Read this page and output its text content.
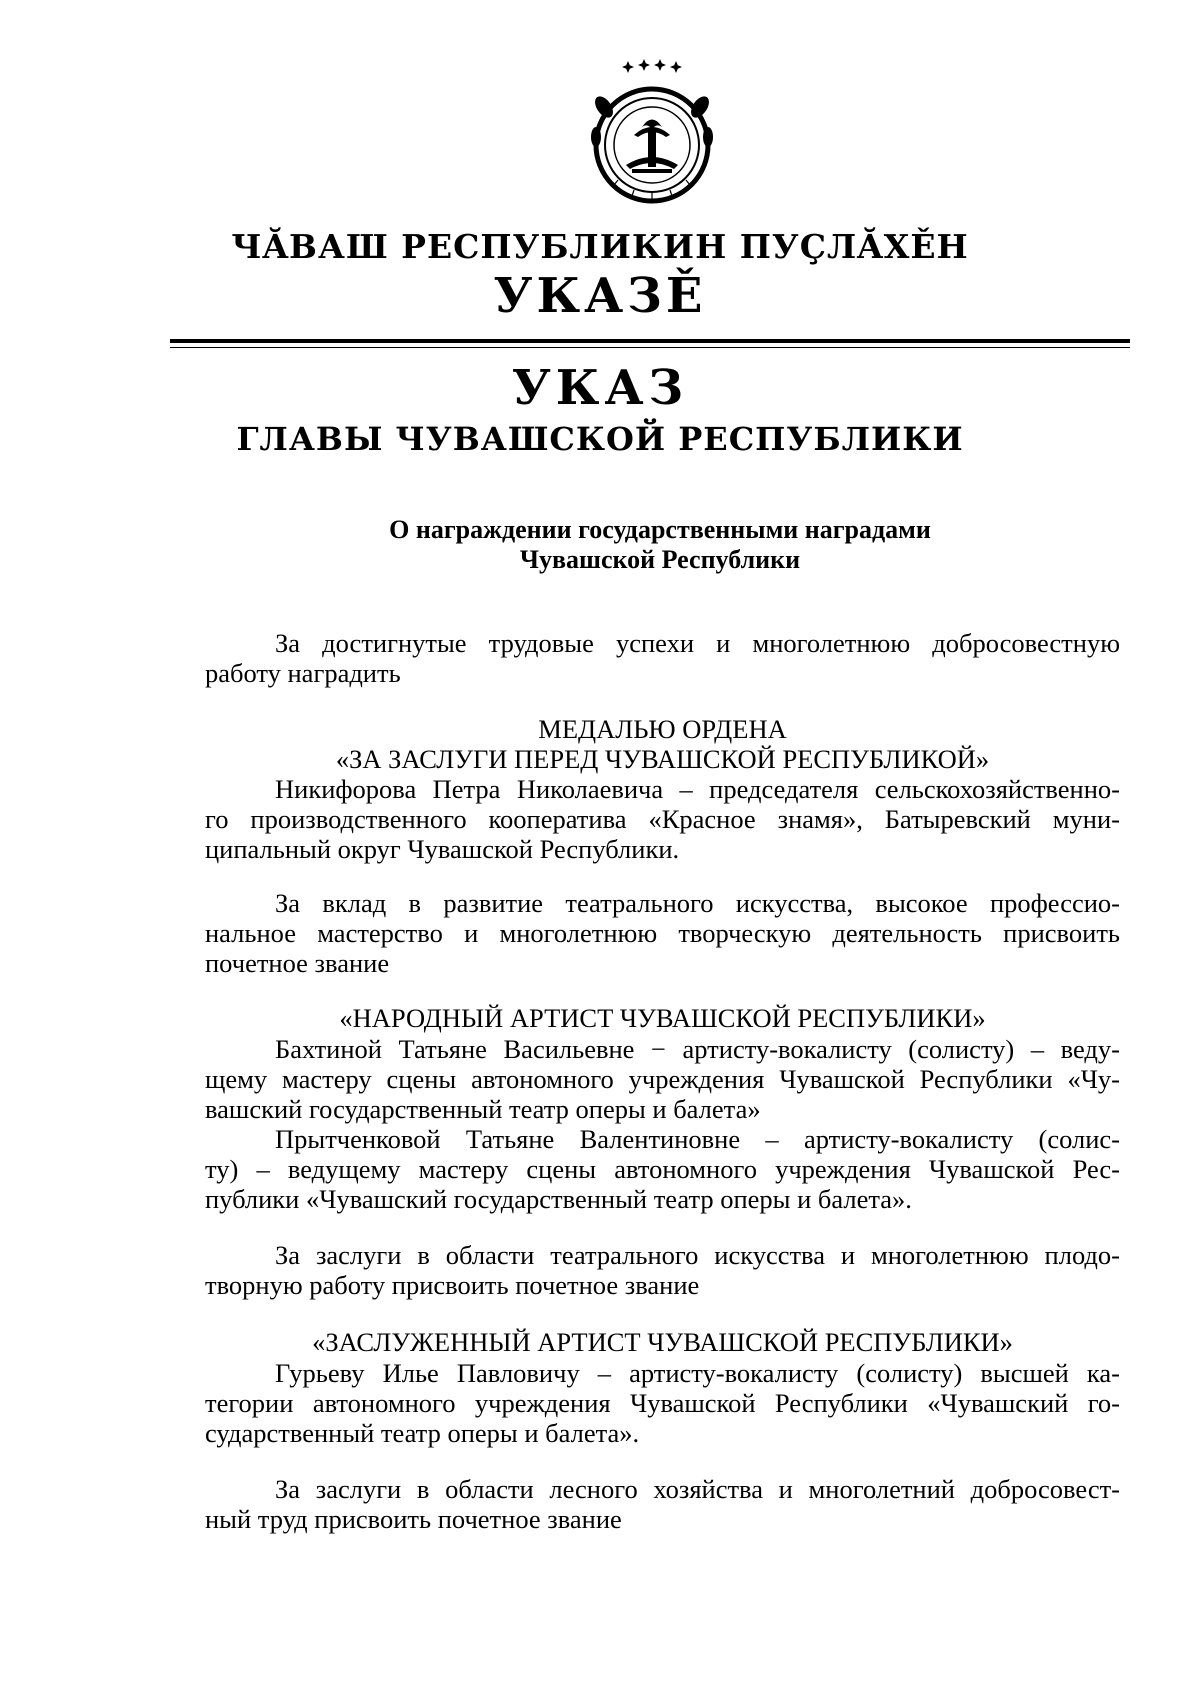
ЧĂВАШ РЕСПУБЛИКИН ПУÇЛĂХĚН
УКАЗĚ
УКАЗ
ГЛАВЫ ЧУВАШСКОЙ РЕСПУБЛИКИ
О награждении государственными наградами
Чувашской Республики
За достигнутые трудовые успехи и многолетнюю добросовестную
работу наградить

МЕДАЛЬЮ ОРДЕНА

«ЗА ЗАСЛУГИ ПЕРЕД ЧУВАШСКОЙ РЕСПУБЛИКОЙ»

Никифорова Петра Николаевича – председателя сельскохозяйственно-
го производственного кооператива «Красное знамя», Батыревский муни-
ципальный округ Чувашской Республики.
За вклад в развитие театрального искусства, высокое профессио-
нальное мастерство и многолетнюю творческую деятельность присвоить
почетное звание

«НАРОДНЫЙ АРТИСТ ЧУВАШСКОЙ РЕСПУБЛИКИ»

Бахтиной Татьяне Васильевне − артисту-вокалисту (солисту) – веду-
щему мастеру сцены автономного учреждения Чувашской Республики «Чу-
вашский государственный театр оперы и балета»
Прытченковой Татьяне Валентиновне – артисту-вокалисту (солис-
ту) – ведущему мастеру сцены автономного учреждения Чувашской Рес-
публики «Чувашский государственный театр оперы и балета».
За заслуги в области театрального искусства и многолетнюю плодо-
творную работу присвоить почетное звание

«ЗАСЛУЖЕННЫЙ АРТИСТ ЧУВАШСКОЙ РЕСПУБЛИКИ»

Гурьеву Илье Павловичу – артисту-вокалисту (солисту) высшей ка-
тегории автономного учреждения Чувашской Республики «Чувашский го-
сударственный театр оперы и балета».
За заслуги в области лесного хозяйства и многолетний добросовест-
ный труд присвоить почетное звание
